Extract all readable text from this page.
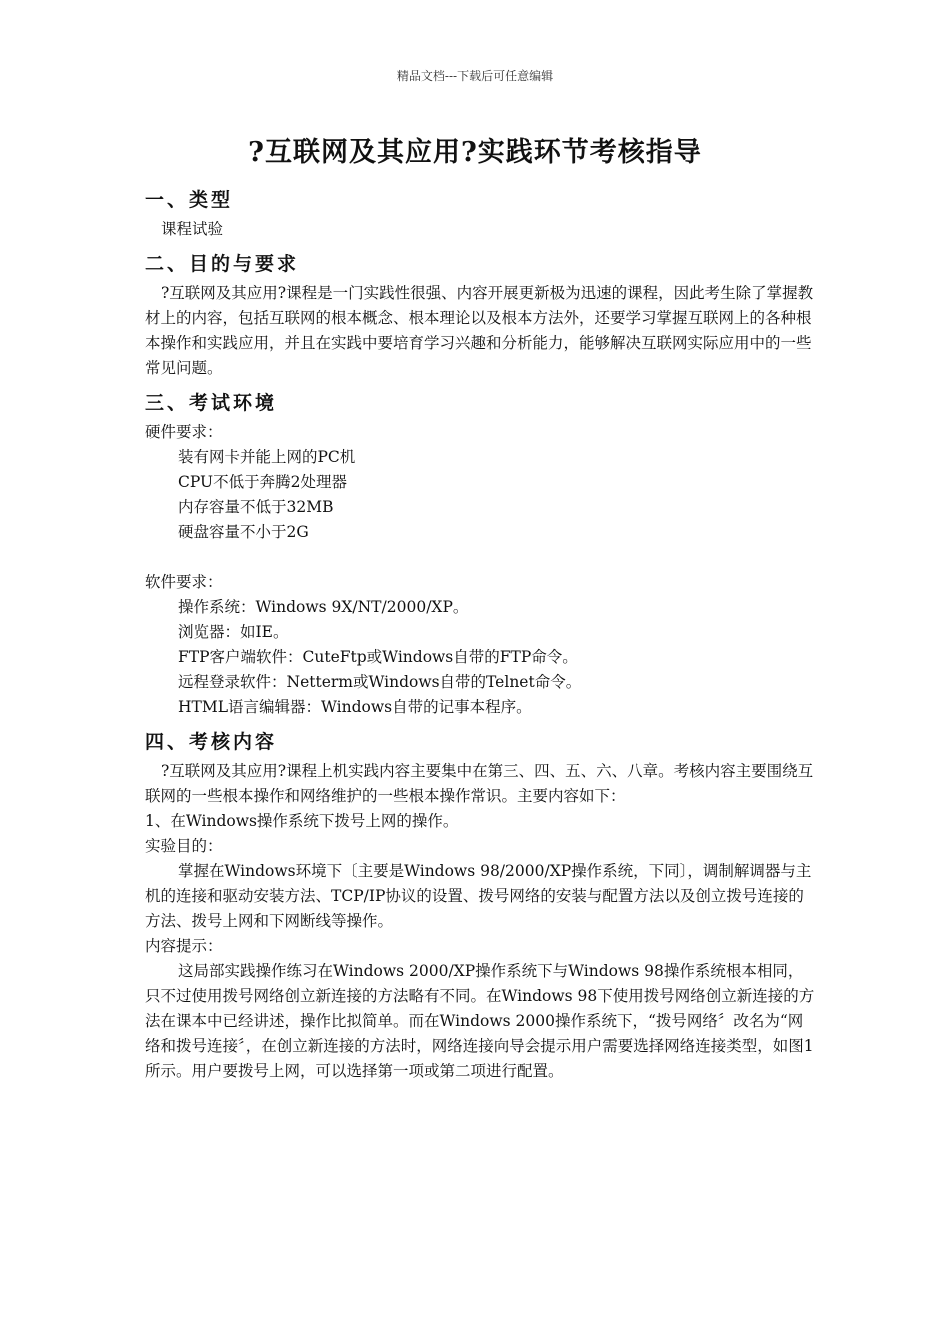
精品文档---下载后可任意编辑
?互联网及其应用?实践环节考核指导
一、类型

课程试验

二、目的与要求

?互联网及其应用?课程是一门实践性很强、内容开展更新极为迅速的课程，因此考生除了掌握教材上的内容，包括互联网的根本概念、根本理论以及根本方法外，还要学习掌握互联网上的各种根本操作和实践应用，并且在实践中要培育学习兴趣和分析能力，能够解决互联网实际应用中的一些常见问题。

三、考试环境

硬件要求：

装有网卡并能上网的PC机
CPU不低于奔腾2处理器
内存容量不低于32MB
硬盘容量不小于2G

软件要求：

操作系统：Windows 9X/NT/2000/XP。
浏览器：如IE。
FTP客户端软件：CuteFtp或Windows自带的FTP命令。
远程登录软件：Netterm或Windows自带的Telnet命令。
HTML语言编辑器：Windows自带的记事本程序。
四、考核内容

?互联网及其应用?课程上机实践内容主要集中在第三、四、五、六、八章。考核内容主要围绕互联网的一些根本操作和网络维护的一些根本操作常识。主要内容如下：

1、在Windows操作系统下拨号上网的操作。

实验目的：

掌握在Windows环境下〔主要是Windows 98/2000/XP操作系统，下同〕，调制解调器与主机的连接和驱动安装方法、TCP/IP协议的设置、拨号网络的安装与配置方法以及创立拨号连接的方法、拨号上网和下网断线等操作。

内容提示：

这局部实践操作练习在Windows 2000/XP操作系统下与Windows 98操作系统根本相同，只不过使用拨号网络创立新连接的方法略有不同。在Windows 98下使用拨号网络创立新连接的方法在课本中已经讲述，操作比拟简单。而在Windows 2000操作系统下，“拨号网络〞改名为“网络和拨号连接〞，在创立新连接的方法时，网络连接向导会提示用户需要选择网络连接类型，如图1所示。用户要拨号上网，可以选择第一项或第二项进行配置。
